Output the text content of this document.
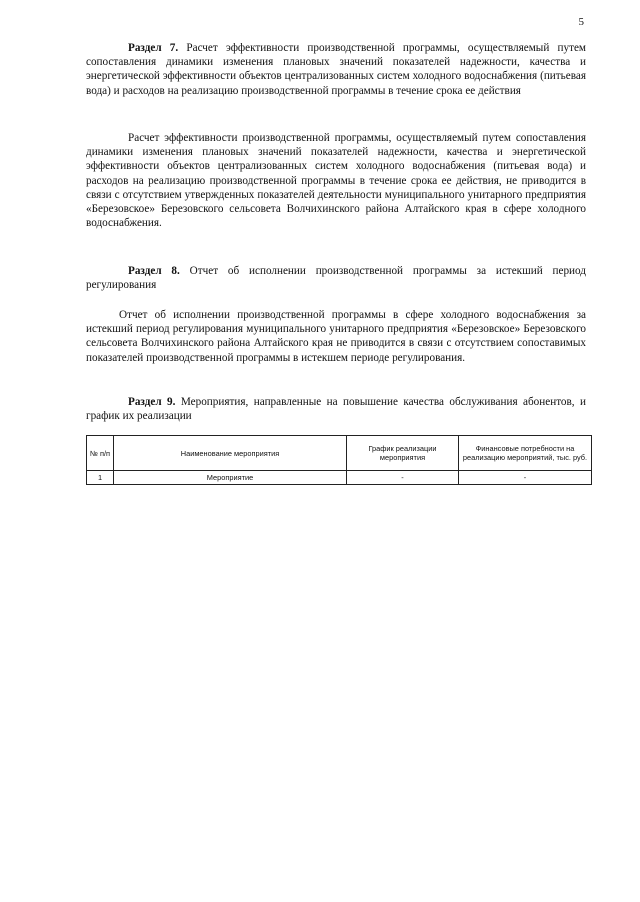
5
Раздел 7. Расчет эффективности производственной программы, осуществляемый путем сопоставления динамики изменения плановых значений показателей надежности, качества и энергетической эффективности объектов централизованных систем холодного водоснабжения (питьевая вода) и расходов на реализацию производственной программы в течение срока ее действия
Расчет эффективности производственной программы, осуществляемый путем сопоставления динамики изменения плановых значений показателей надежности, качества и энергетической эффективности объектов централизованных систем холодного водоснабжения (питьевая вода) и расходов на реализацию производственной программы в течение срока ее действия, не приводится в связи с отсутствием утвержденных показателей деятельности муниципального унитарного предприятия «Березовское» Березовского сельсовета Волчихинского района Алтайского края в сфере холодного водоснабжения.
Раздел 8. Отчет об исполнении производственной программы за истекший период регулирования
Отчет об исполнении производственной программы в сфере холодного водоснабжения за истекший период регулирования муниципального унитарного предприятия «Березовское» Березовского сельсовета Волчихинского района Алтайского края не приводится в связи с отсутствием сопоставимых показателей производственной программы в истекшем периоде регулирования.
Раздел 9. Мероприятия, направленные на повышение качества обслуживания абонентов, и график их реализации
№ п/п	Наименование мероприятия	График реализации мероприятия	Финансовые потребности на реализацию мероприятий, тыс. руб.
1	Мероприятие	-	-
